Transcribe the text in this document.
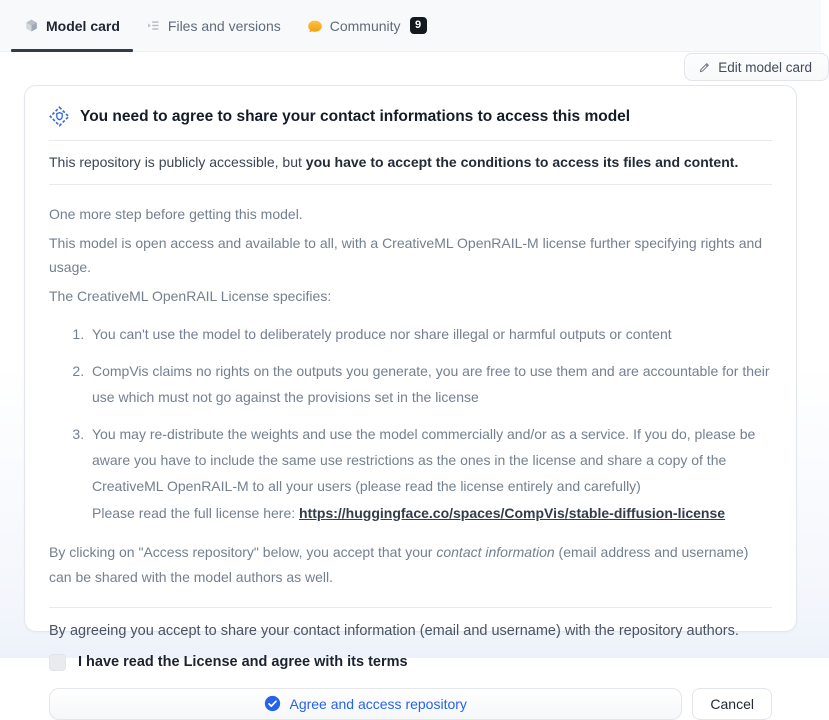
Model card	Files and versions	Community	9
Edit model card
You need to agree to share your contact informations to access this model
This repository is publicly accessible, but you have to accept the conditions to access its files and content.

One more step before getting this model.

This model is open access and available to all, with a CreativeML OpenRAIL-M license further specifying rights and usage.

The CreativeML OpenRAIL License specifies:

1. You can't use the model to deliberately produce nor share illegal or harmful outputs or content
2. CompVis claims no rights on the outputs you generate, you are free to use them and are accountable for their use which must not go against the provisions set in the license
3. You may re-distribute the weights and use the model commercially and/or as a service. If you do, please be aware you have to include the same use restrictions as the ones in the license and share a copy of the CreativeML OpenRAIL-M to all your users (please read the license entirely and carefully)
Please read the full license here: https://huggingface.co/spaces/CompVis/stable-diffusion-license
By clicking on "Access repository" below, you accept that your contact information (email address and username) can be shared with the model authors as well.
By agreeing you accept to share your contact information (email and username) with the repository authors.
I have read the License and agree with its terms
Agree and access repository	Cancel
